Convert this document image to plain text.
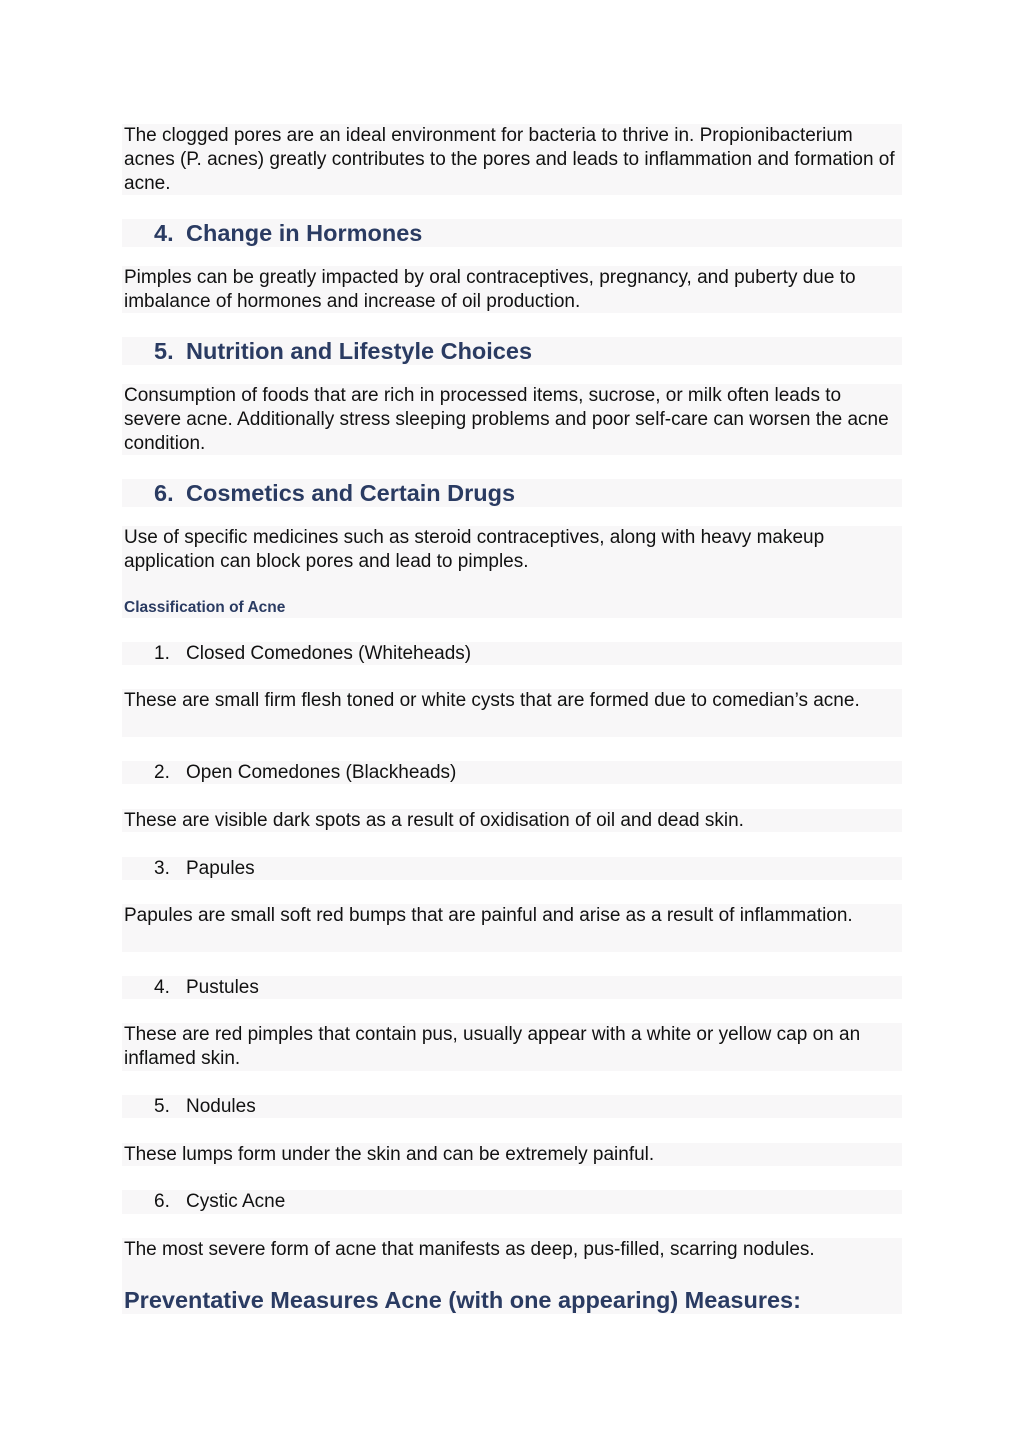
The clogged pores are an ideal environment for bacteria to thrive in. Propionibacterium acnes (P. acnes) greatly contributes to the pores and leads to inflammation and formation of acne.

4. Change in Hormones

Pimples can be greatly impacted by oral contraceptives, pregnancy, and puberty due to imbalance of hormones and increase of oil production.

5. Nutrition and Lifestyle Choices

Consumption of foods that are rich in processed items, sucrose, or milk often leads to severe acne. Additionally stress sleeping problems and poor self-care can worsen the acne condition.

6. Cosmetics and Certain Drugs

Use of specific medicines such as steroid contraceptives, along with heavy makeup application can block pores and lead to pimples.

Classification of Acne
1. Closed Comedones (Whiteheads)

These are small firm flesh toned or white cysts that are formed due to comedian’s acne.

2. Open Comedones (Blackheads)

These are visible dark spots as a result of oxidisation of oil and dead skin.

3. Papules

Papules are small soft red bumps that are painful and arise as a result of inflammation.

4. Pustules

These are red pimples that contain pus, usually appear with a white or yellow cap on an inflamed skin.

5. Nodules

These lumps form under the skin and can be extremely painful.

6. Cystic Acne

The most severe form of acne that manifests as deep, pus-filled, scarring nodules.

Preventative Measures Acne (with one appearing) Measures:
